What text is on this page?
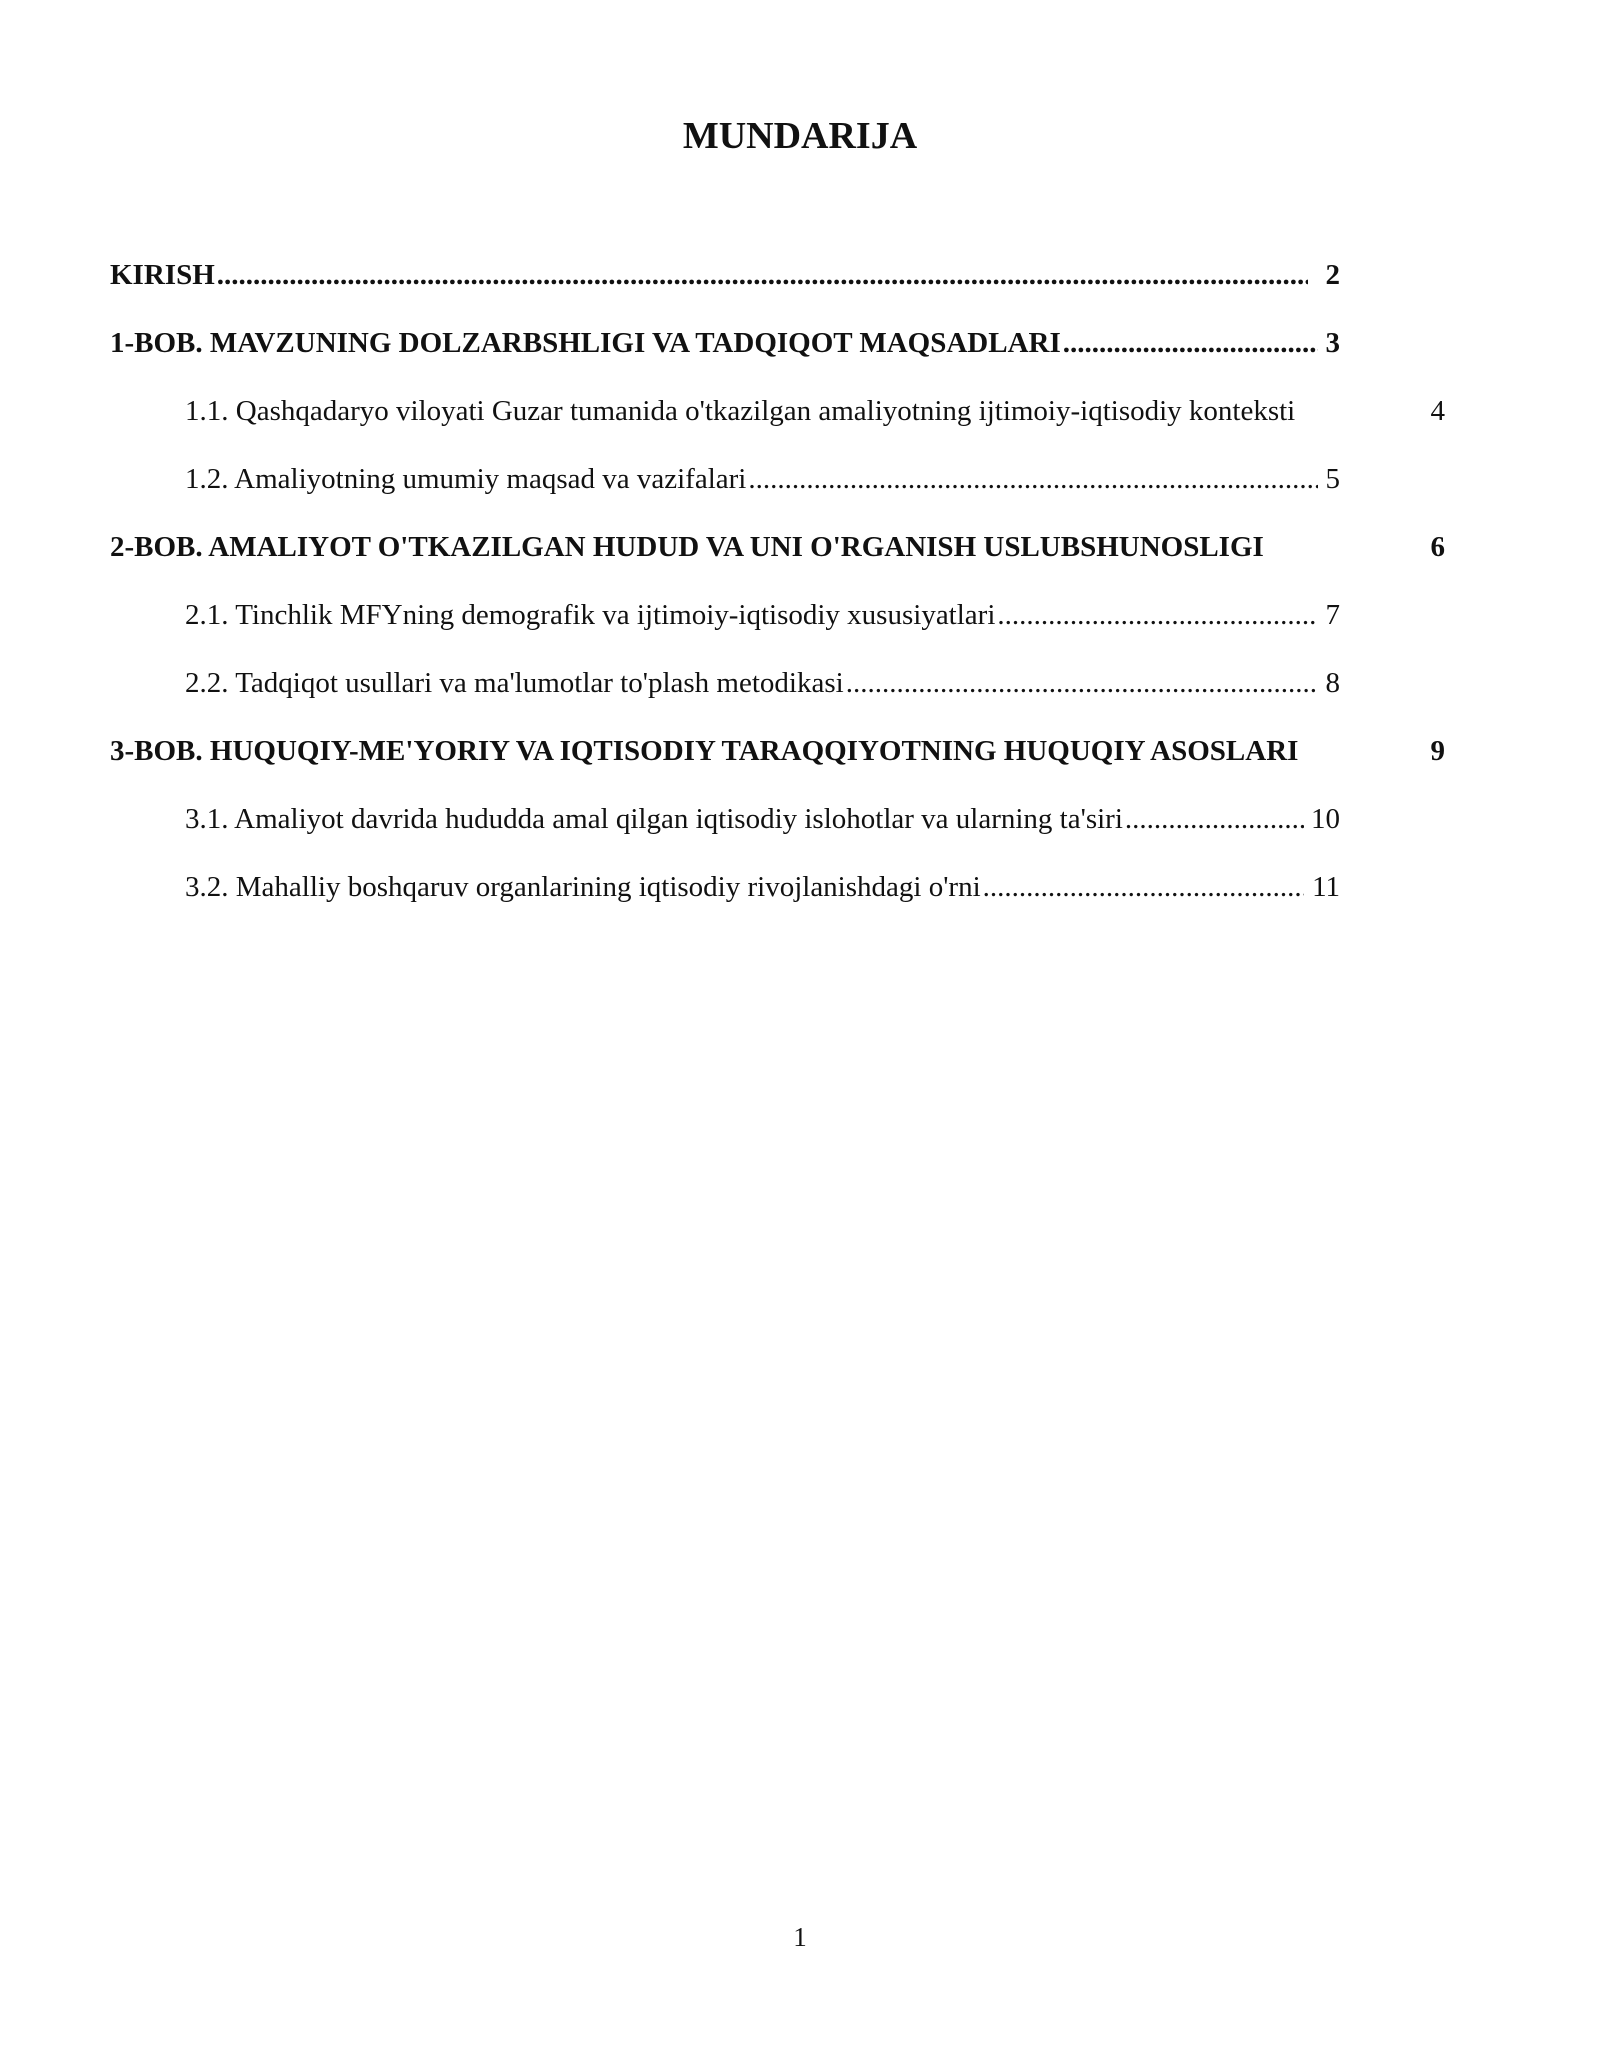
MUNDARIJA
KIRISH .....	2
1-BOB. MAVZUNING DOLZARBSHLIGI VA TADQIQOT MAQSADLARI .....	3
1.1. Qashqadaryo viloyati Guzar tumanida o'tkazilgan amaliyotning ijtimoiy-iqtisodiy konteksti	4
1.2. Amaliyotning umumiy maqsad va vazifalari .....	5
2-BOB. AMALIYOT O'TKAZILGAN HUDUD VA UNI O'RGANISH USLUBSHUNOSLIGI	6
2.1. Tinchlik MFYning demografik va ijtimoiy-iqtisodiy xususiyatlari .....	7
2.2. Tadqiqot usullari va ma'lumotlar to'plash metodikasi .....	8
3-BOB. HUQUQIY-ME'YORIY VA IQTISODIY TARAQQIYOTNING HUQUQIY ASOSLARI	9
3.1. Amaliyot davrida hududda amal qilgan iqtisodiy islohotlar va ularning ta'siri .....	10
3.2. Mahalliy boshqaruv organlarining iqtisodiy rivojlanishdagi o'rni .....	11
1
